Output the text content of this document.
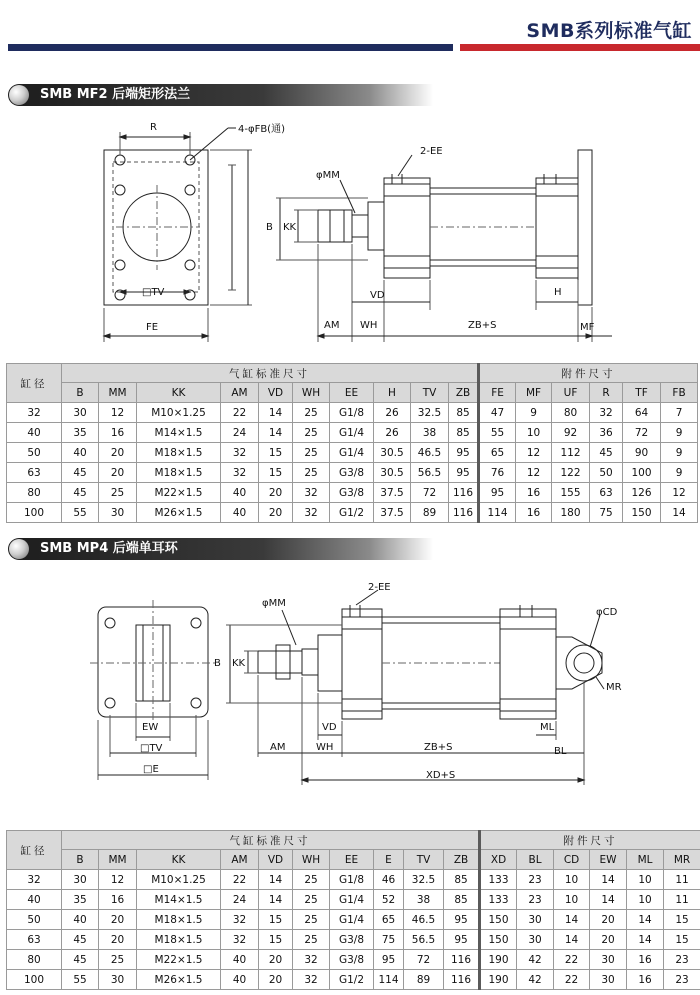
SMB系列标准气缸
SMB MF2 后端矩形法兰
R	4-φFB(通)
□TV
FE
2-EE
φMM
B KK
VD	H
AM WH	ZB+S	MF
缸径	气缸标准尺寸										附件尺寸					
	B	MM	KK	AM	VD	WH	EE	H	TV	ZB	FE	MF	UF	R	TF	FB
32	30	12	M10×1.25	22	14	25	G1/8	26	32.5	85	47	9	80	32	64	7
40	35	16	M14×1.5	24	14	25	G1/4	26	38	85	55	10	92	36	72	9
50	40	20	M18×1.5	32	15	25	G1/4	30.5	46.5	95	65	12	112	45	90	9
63	45	20	M18×1.5	32	15	25	G3/8	30.5	56.5	95	76	12	122	50	100	9
80	45	25	M22×1.5	40	20	32	G3/8	37.5	72	116	95	16	155	63	126	12
100	55	30	M26×1.5	40	20	32	G1/2	37.5	89	116	114	16	180	75	150	14
SMB MP4 后端单耳环
2-EE
φMM
φCD
B KK
MR
EW
□TV
□E
VD	ML
AM	WH	ZB+S	BL
XD+S
缸径	气缸标准尺寸										附件尺寸					
	B	MM	KK	AM	VD	WH	EE	E	TV	ZB	XD	BL	CD	EW	ML	MR
32	30	12	M10×1.25	22	14	25	G1/8	46	32.5	85	133	23	10	14	10	11
40	35	16	M14×1.5	24	14	25	G1/4	52	38	85	133	23	10	14	10	11
50	40	20	M18×1.5	32	15	25	G1/4	65	46.5	95	150	30	14	20	14	15
63	45	20	M18×1.5	32	15	25	G3/8	75	56.5	95	150	30	14	20	14	15
80	45	25	M22×1.5	40	20	32	G3/8	95	72	116	190	42	22	30	16	23
100	55	30	M26×1.5	40	20	32	G1/2	114	89	116	190	42	22	30	16	23
